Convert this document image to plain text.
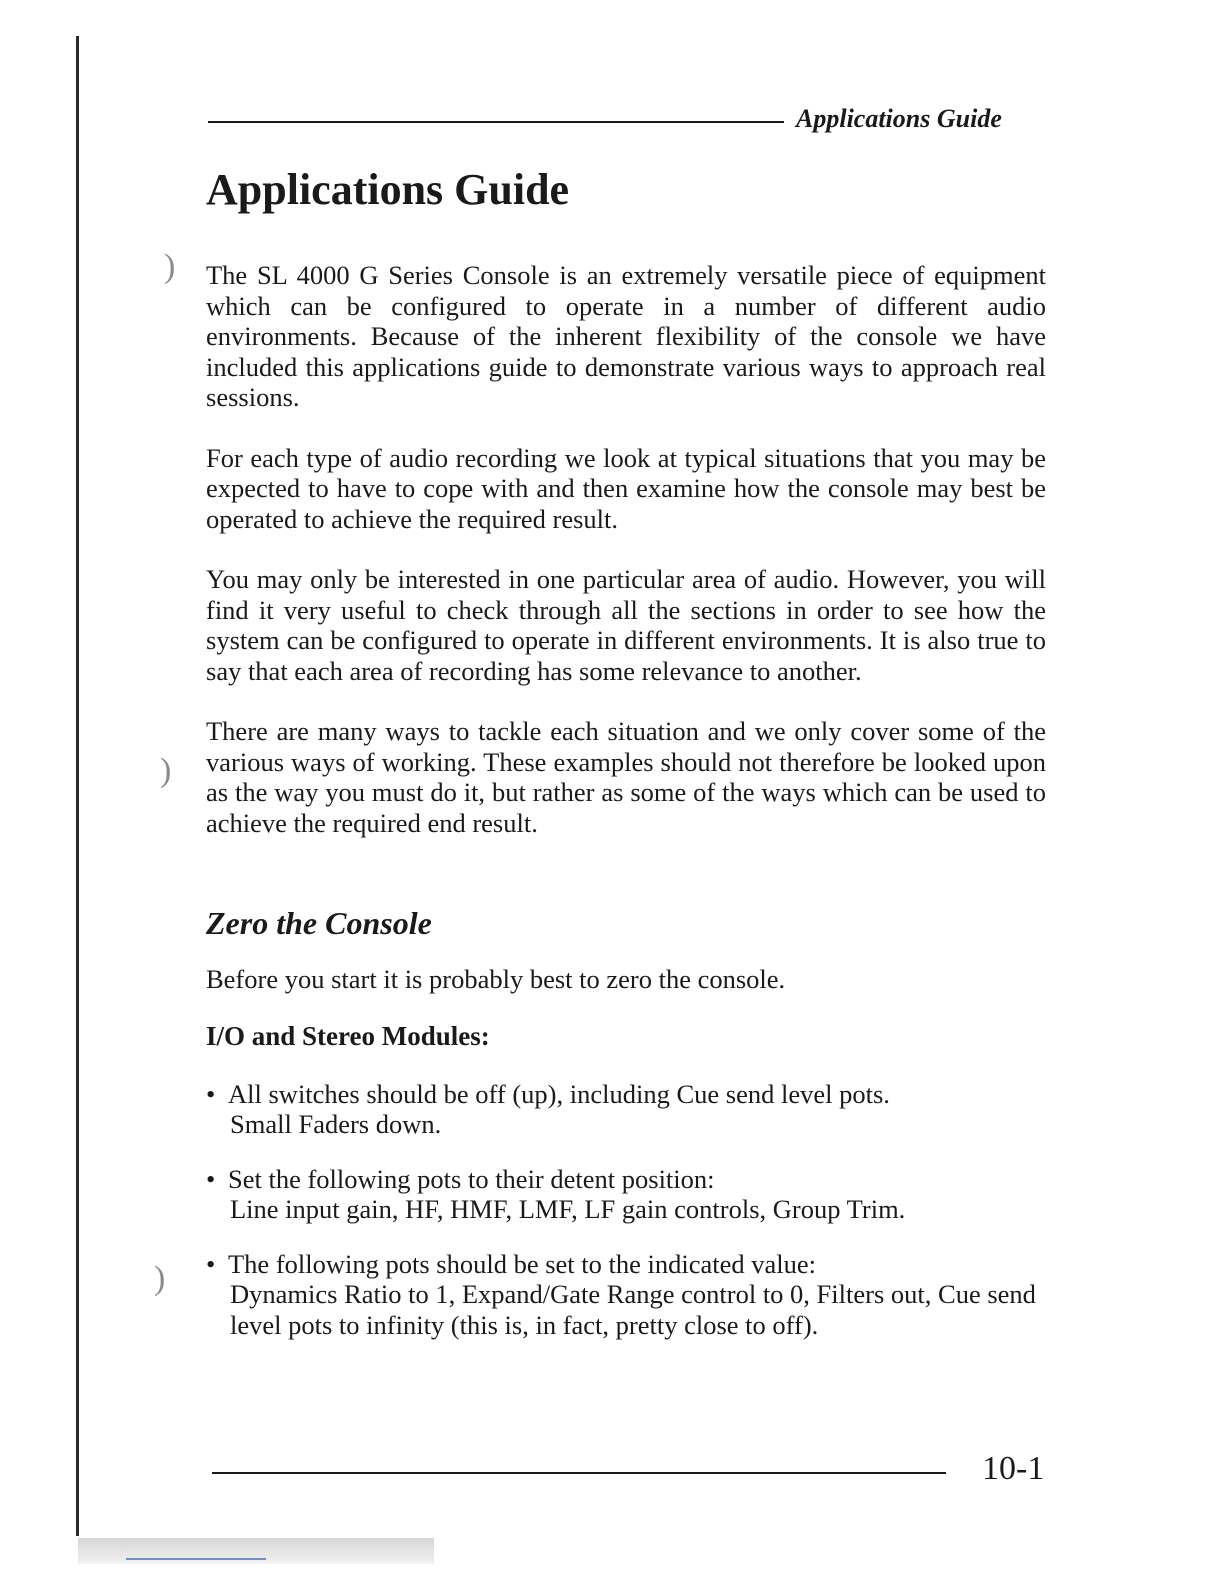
)
)
)
Applications Guide
Applications Guide

The SL 4000 G Series Console is an extremely versatile piece of equipment which can be configured to operate in a number of different audio environments. Because of the inherent flexibility of the console we have included this applications guide to demonstrate various ways to approach real sessions.

For each type of audio recording we look at typical situations that you may be expected to have to cope with and then examine how the console may best be operated to achieve the required result.

You may only be interested in one particular area of audio. However, you will find it very useful to check through all the sections in order to see how the system can be configured to operate in different environments. It is also true to say that each area of recording has some relevance to another.

There are many ways to tackle each situation and we only cover some of the various ways of working. These examples should not therefore be looked upon as the way you must do it, but rather as some of the ways which can be used to achieve the required end result.

Zero the Console

Before you start it is probably best to zero the console.

I/O and Stereo Modules:

• All switches should be off (up), including Cue send level pots.
Small Faders down.
• Set the following pots to their detent position:
Line input gain, HF, HMF, LMF, LF gain controls, Group Trim.
• The following pots should be set to the indicated value:
Dynamics Ratio to 1, Expand/Gate Range control to 0, Filters out, Cue send level pots to infinity (this is, in fact, pretty close to off).
10-1
